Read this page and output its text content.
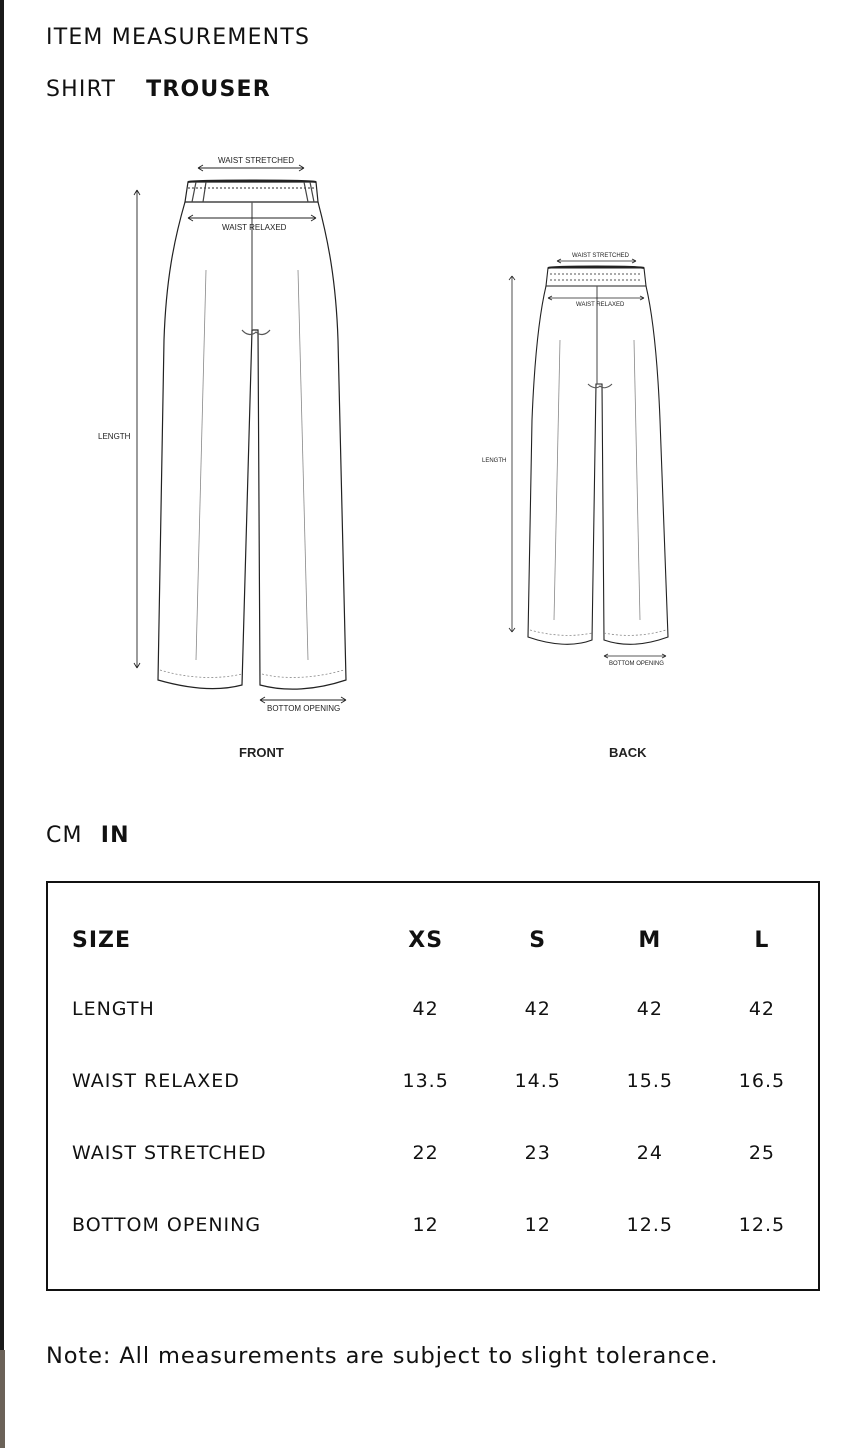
ITEM MEASUREMENTS
SHIRT TROUSER
WAIST STRETCHED
WAIST RELAXED
LENGTH
BOTTOM OPENING
FRONT
WAIST STRETCHED
WAIST RELAXED
LENGTH
BOTTOM OPENING
BACK
CM IN
SIZE	XS	S	M	L
LENGTH	42	42	42	42
WAIST RELAXED	13.5	14.5	15.5	16.5
WAIST STRETCHED	22	23	24	25
BOTTOM OPENING	12	12	12.5	12.5

Note: All measurements are subject to slight tolerance.
